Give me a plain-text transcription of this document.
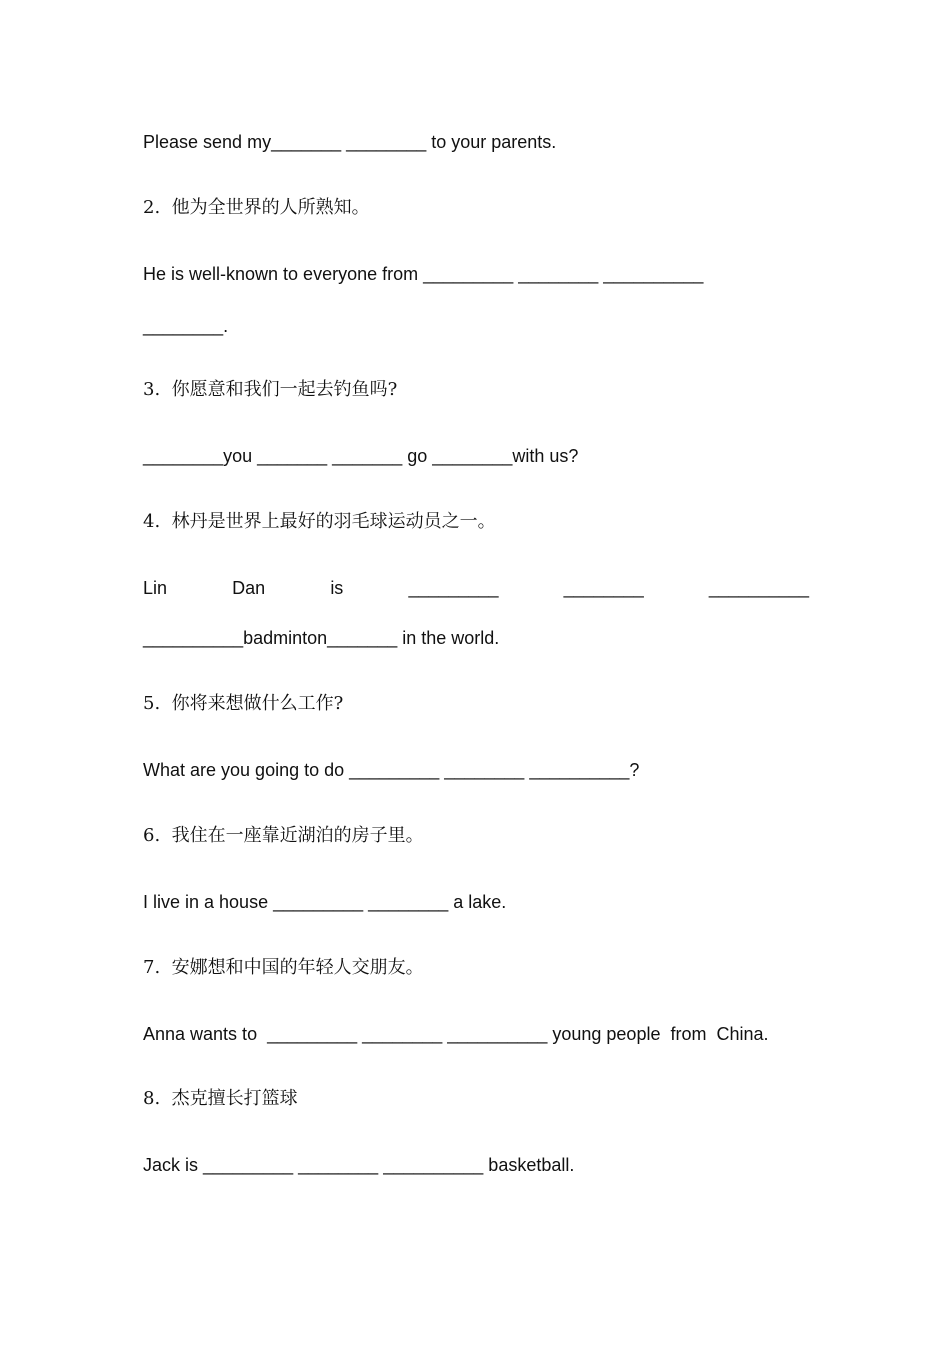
Please send my_______ ________ to your parents.

2.  他为全世界的人所熟知。

He is well-known to everyone from _________ ________ __________

________.

3.  你愿意和我们一起去钓鱼吗?

________you _______ _______ go ________with us?

4.  林丹是世界上最好的羽毛球运动员之一。

Lin	Dan	is	_________	________	__________

__________badminton_______ in the world.

5.  你将来想做什么工作?

What are you going to do _________ ________ __________?

6.  我住在一座靠近湖泊的房子里。

I live in a house _________ ________ a lake.

7.  安娜想和中国的年轻人交朋友。

Anna wants to  _________ ________ __________ young people  from  China.

8.  杰克擅长打篮球

Jack is _________ ________ __________ basketball.
